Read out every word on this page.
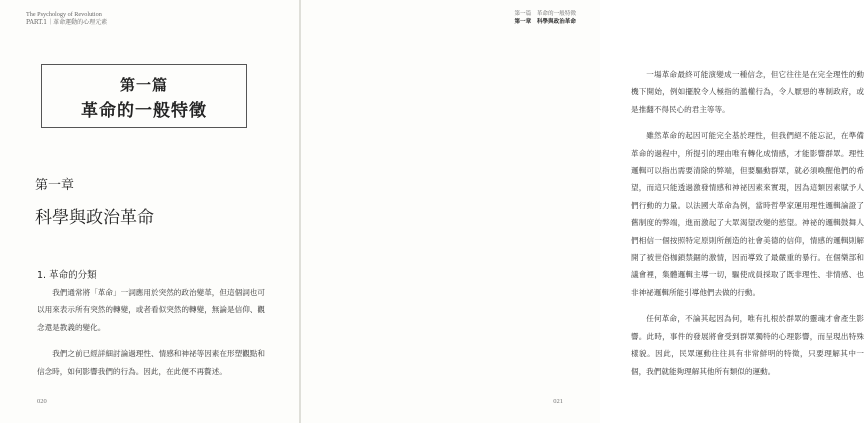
The Psychology of Revolution
PART.1｜革命運動的心理元素
第一篇
革命的一般特徵
第一章
科學與政治革命
1. 革命的分類

我們通常將「革命」一詞應用於突然的政治變革，但這個詞也可以用來表示所有突然的轉變，或者看似突然的轉變，無論是信仰、觀念還是教義的變化。

我們之前已經詳細討論過理性、情感和神祕等因素在形塑觀點和信念時，如何影響我們的行為。因此，在此便不再贅述。

020
第一篇　革命的一般特徵
第一章　科學與政治革命

一場革命最終可能演變成一種信念，但它往往是在完全理性的動機下開始，例如擺脫令人極指的濫權行為，令人厭惡的專制政府，或是推翻不得民心的君主等等。

雖然革命的起因可能完全基於理性，但我們絕不能忘記，在準備革命的過程中，所提引的理由唯有轉化成情感，才能影響群眾。理性邏輯可以指出需要清除的弊端，但要驅動群眾，就必須喚醒他們的希望，而這只能透過激發情感和神祕因素來實現，因為這類因素賦予人們行動的力量。以法國大革命為例，當時哲學家運用理性邏輯論證了舊制度的弊端，進而激起了大眾渴望改變的慾望。神祕的邏輯鼓舞人們相信一個按照特定原則所創造的社會美德的信仰，情感的邏輯則解開了被世俗枷鎖禁錮的激情，因而導致了最嚴重的暴行。在個樂部和議會裡，集體邏輯主導一切，驅使成員採取了既非理性、非情感、也非神祕邏輯所能引導他們去做的行動。

任何革命，不論其起因為何，唯有扎根於群眾的靈魂才會產生影響。此時，事件的發展將會受到群眾獨特的心理影響，而呈現出特殊樣貌。因此，民眾運動往往具有非常鮮明的特徵，只要理解其中一個，我們就能夠理解其他所有類似的運動。

021
